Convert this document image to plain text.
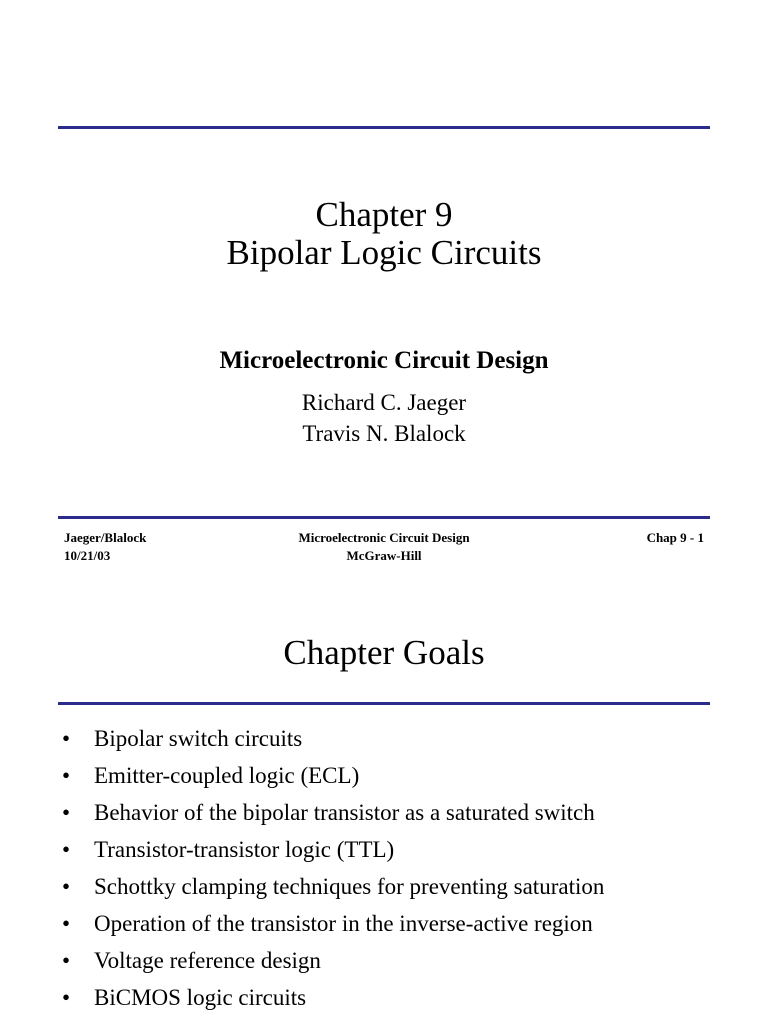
Chapter 9
Bipolar Logic Circuits
Microelectronic Circuit Design
Richard C. Jaeger
Travis N. Blalock
Jaeger/Blalock
10/21/03
Microelectronic Circuit Design
McGraw-Hill
Chap 9 - 1
Chapter Goals
• Bipolar switch circuits
• Emitter-coupled logic (ECL)
• Behavior of the bipolar transistor as a saturated switch
• Transistor-transistor logic (TTL)
• Schottky clamping techniques for preventing saturation
• Operation of the transistor in the inverse-active region
• Voltage reference design
• BiCMOS logic circuits
